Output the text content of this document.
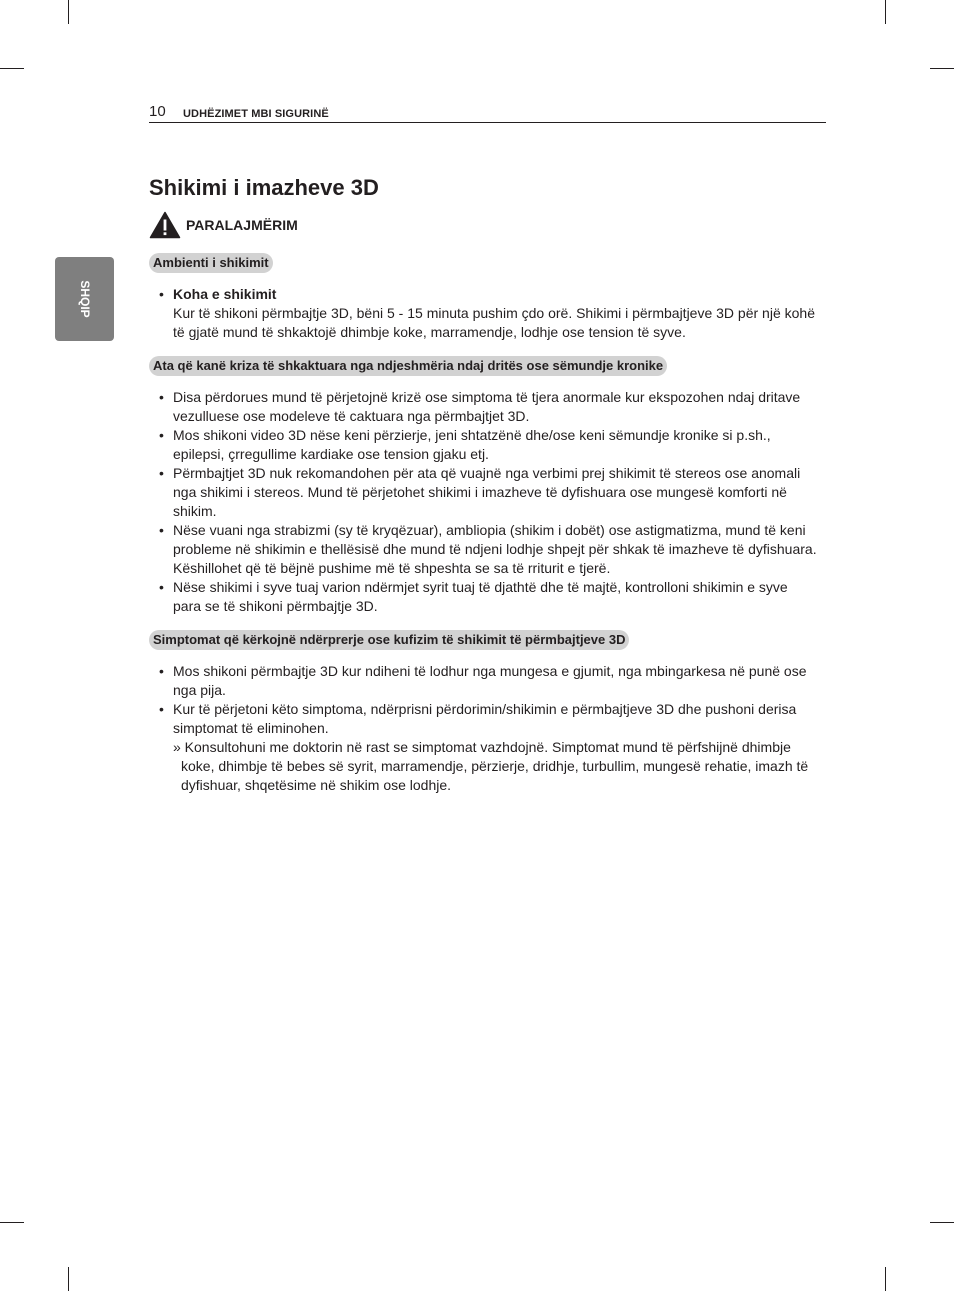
10 UDHËZIMET MBI SIGURINË
SHQIP
Shikimi i imazheve 3D
PARALAJMËRIM
Ambienti i shikimit
• Koha e shikimit
Kur të shikoni përmbajtje 3D, bëni 5 - 15 minuta pushim çdo orë. Shikimi i përmbajtjeve 3D për një kohë të gjatë mund të shkaktojë dhimbje koke, marramendje, lodhje ose tension të syve.
Ata që kanë kriza të shkaktuara nga ndjeshmëria ndaj dritës ose sëmundje kronike
• Disa përdorues mund të përjetojnë krizë ose simptoma të tjera anormale kur ekspozohen ndaj dritave vezulluese ose modeleve të caktuara nga përmbajtjet 3D.
• Mos shikoni video 3D nëse keni përzierje, jeni shtatzënë dhe/ose keni sëmundje kronike si p.sh., epilepsi, çrregullime kardiake ose tension gjaku etj.
• Përmbajtjet 3D nuk rekomandohen për ata që vuajnë nga verbimi prej shikimit të stereos ose anomali nga shikimi i stereos. Mund të përjetohet shikimi i imazheve të dyfishuara ose mungesë komforti në shikim.
• Nëse vuani nga strabizmi (sy të kryqëzuar), ambliopia (shikim i dobët) ose astigmatizma, mund të keni probleme në shikimin e thellësisë dhe mund të ndjeni lodhje shpejt për shkak të imazheve të dyfishuara. Këshillohet që të bëjnë pushime më të shpeshta se sa të rriturit e tjerë.
• Nëse shikimi i syve tuaj varion ndërmjet syrit tuaj të djathtë dhe të majtë, kontrolloni shikimin e syve para se të shikoni përmbajtje 3D.
Simptomat që kërkojnë ndërprerje ose kufizim të shikimit të përmbajtjeve 3D
• Mos shikoni përmbajtje 3D kur ndiheni të lodhur nga mungesa e gjumit, nga mbingarkesa në punë ose nga pija.
• Kur të përjetoni këto simptoma, ndërprisni përdorimin/shikimin e përmbajtjeve 3D dhe pushoni derisa simptomat të eliminohen.
» Konsultohuni me doktorin në rast se simptomat vazhdojnë. Simptomat mund të përfshijnë dhimbje koke, dhimbje të bebes së syrit, marramendje, përzierje, dridhje, turbullim, mungesë rehatie, imazh të dyfishuar, shqetësime në shikim ose lodhje.
